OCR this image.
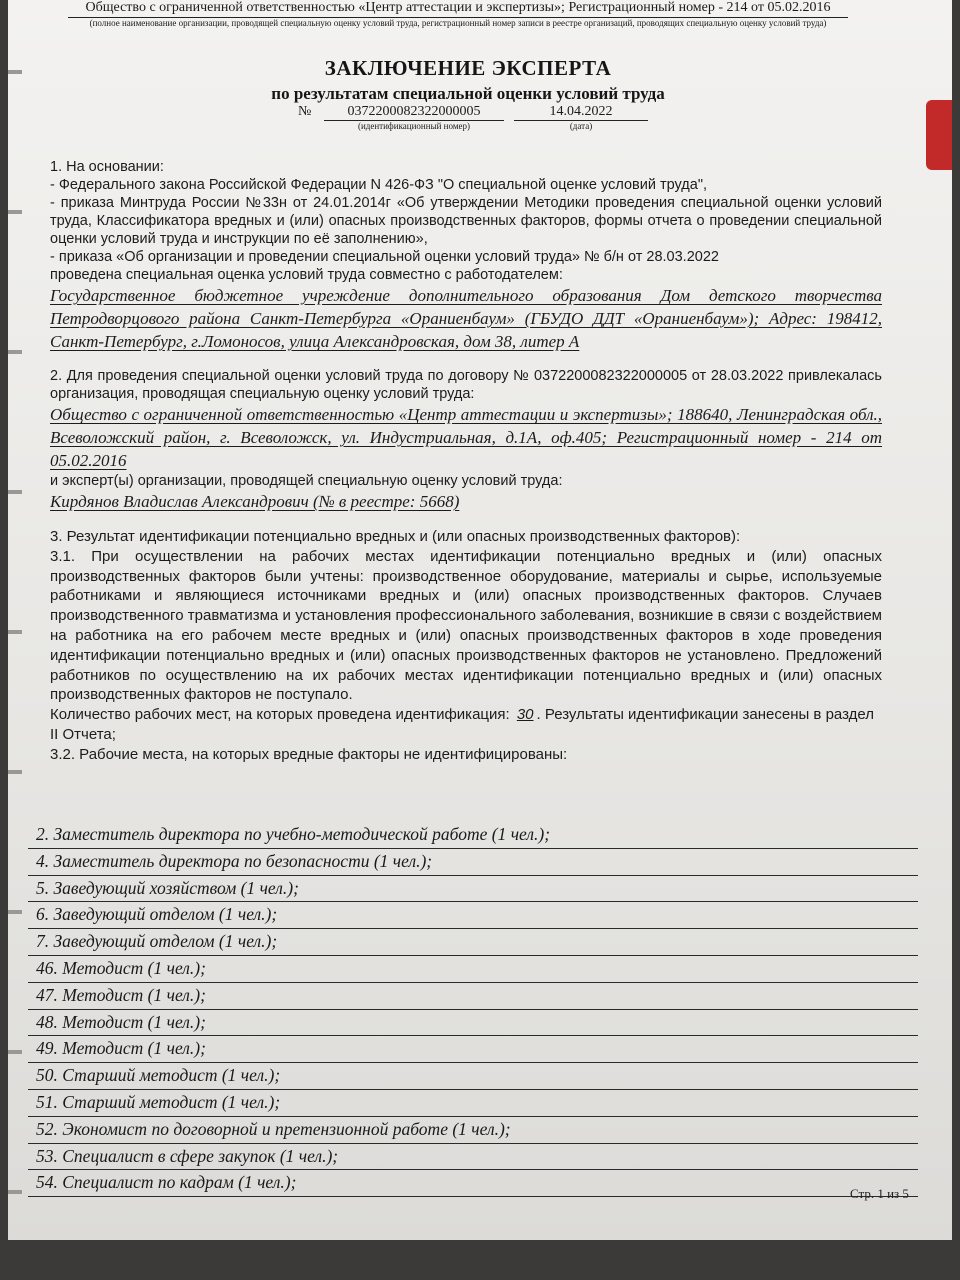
Общество с ограниченной ответственностью «Центр аттестации и экспертизы»; Регистрационный номер - 214 от 05.02.2016
(полное наименование организации, проводящей специальную оценку условий труда, регистрационный номер записи в реестре организаций, проводящих специальную оценку условий труда)
ЗАКЛЮЧЕНИЕ ЭКСПЕРТА
по результатам специальной оценки условий труда
№	0372200082322000005
(идентификационный номер)
14.04.2022
(дата)
1. На основании:
- Федерального закона Российской Федерации N 426-ФЗ "О специальной оценке условий труда",
- приказа Минтруда России №33н от 24.01.2014г «Об утверждении Методики проведения специальной оценки условий труда, Классификатора вредных и (или) опасных производственных факторов, формы отчета о проведении специальной оценки условий труда и инструкции по её заполнению»,
- приказа «Об организации и проведении специальной оценки условий труда» № б/н от 28.03.2022
проведена специальная оценка условий труда совместно с работодателем:
Государственное бюджетное учреждение дополнительного образования Дом детского творчества Петродворцового района Санкт-Петербурга «Ораниенбаум» (ГБУДО ДДТ «Ораниенбаум»); Адрес: 198412, Санкт-Петербург, г.Ломоносов, улица Александровская, дом 38, литер А
2. Для проведения специальной оценки условий труда по договору № 0372200082322000005 от 28.03.2022 привлекалась организация, проводящая специальную оценку условий труда:
Общество с ограниченной ответственностью «Центр аттестации и экспертизы»; 188640, Ленинградская обл., Всеволожский район, г. Всеволожск, ул. Индустриальная, д.1А, оф.405; Регистрационный номер - 214 от 05.02.2016
и эксперт(ы) организации, проводящей специальную оценку условий труда:
Кирдянов Владислав Александрович (№ в реестре: 5668)
3. Результат идентификации потенциально вредных и (или опасных производственных факторов):
3.1. При осуществлении на рабочих местах идентификации потенциально вредных и (или) опасных производственных факторов были учтены: производственное оборудование, материалы и сырье, используемые работниками и являющиеся источниками вредных и (или) опасных производственных факторов. Случаев производственного травматизма и установления профессионального заболевания, возникшие в связи с воздействием на работника на его рабочем месте вредных и (или) опасных производственных факторов в ходе проведения идентификации потенциально вредных и (или) опасных производственных факторов не установлено. Предложений работников по осуществлению на их рабочих местах идентификации потенциально вредных и (или) опасных производственных факторов не поступало.
Количество рабочих мест, на которых проведена идентификация: 30 . Результаты идентификации занесены в раздел II Отчета;
3.2. Рабочие места, на которых вредные факторы не идентифицированы:
2. Заместитель директора по учебно-методической работе (1 чел.);
4. Заместитель директора по безопасности (1 чел.);
5. Заведующий хозяйством (1 чел.);
6. Заведующий отделом (1 чел.);
7. Заведующий отделом (1 чел.);
46. Методист (1 чел.);
47. Методист (1 чел.);
48. Методист (1 чел.);
49. Методист (1 чел.);
50. Старший методист (1 чел.);
51. Старший методист (1 чел.);
52. Экономист по договорной и претензионной работе (1 чел.);
53. Специалист в сфере закупок (1 чел.);
54. Специалист по кадрам (1 чел.);
Стр. 1 из 5
